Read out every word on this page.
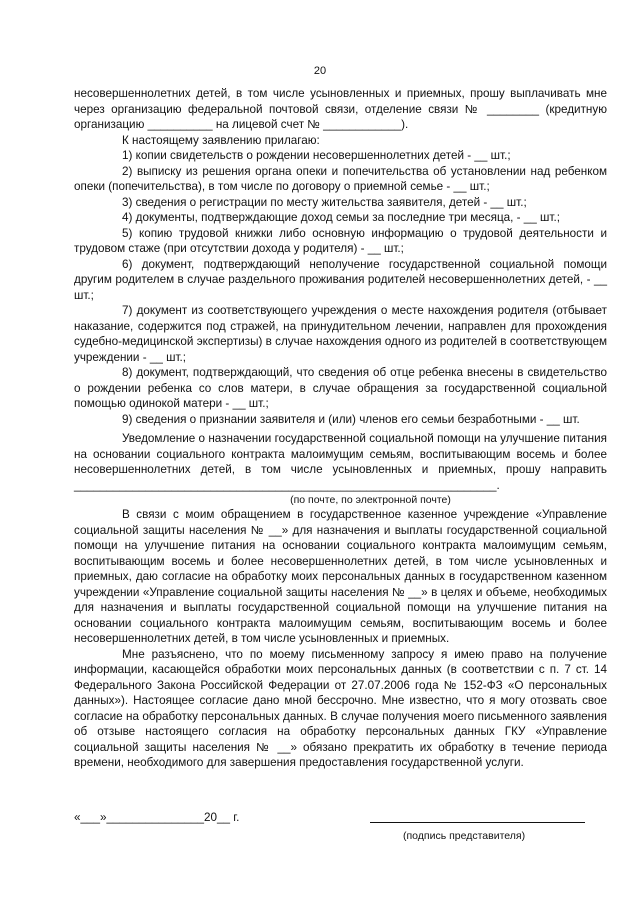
20

несовершеннолетних детей, в том числе усыновленных и приемных, прошу выплачивать мне через организацию федеральной почтовой связи, отделение связи № ________ (кредитную организацию __________ на лицевой счет № ____________).

К настоящему заявлению прилагаю:

1) копии свидетельств о рождении несовершеннолетних детей - __ шт.;

2) выписку из решения органа опеки и попечительства об установлении над ребенком опеки (попечительства), в том числе по договору о приемной семье - __ шт.;

3) сведения о регистрации по месту жительства заявителя, детей - __ шт.;

4) документы, подтверждающие доход семьи за последние три месяца, - __ шт.;

5) копию трудовой книжки либо основную информацию о трудовой деятельности и трудовом стаже (при отсутствии дохода у родителя) - __ шт.;

6) документ, подтверждающий неполучение государственной социальной помощи другим родителем в случае раздельного проживания родителей несовершеннолетних детей, - __ шт.;

7) документ из соответствующего учреждения о месте нахождения родителя (отбывает наказание, содержится под стражей, на принудительном лечении, направлен для прохождения судебно-медицинской экспертизы) в случае нахождения одного из родителей в соответствующем учреждении - __ шт.;

8) документ, подтверждающий, что сведения об отце ребенка внесены в свидетельство о рождении ребенка со слов матери, в случае обращения за государственной социальной помощью одинокой матери - __ шт.;

9) сведения о признании заявителя и (или) членов его семьи безработными - __ шт.

Уведомление о назначении государственной социальной помощи на улучшение питания на основании социального контракта малоимущим семьям, воспитывающим восемь и более несовершеннолетних детей, в том числе усыновленных и приемных, прошу направить _________________________________________________________________.

(по почте, по электронной почте)

В связи с моим обращением в государственное казенное учреждение «Управление социальной защиты населения № __» для назначения и выплаты государственной социальной помощи на улучшение питания на основании социального контракта малоимущим семьям, воспитывающим восемь и более несовершеннолетних детей, в том числе усыновленных и приемных, даю согласие на обработку моих персональных данных в государственном казенном учреждении «Управление социальной защиты населения № __» в целях и объеме, необходимых для назначения и выплаты государственной социальной помощи на улучшение питания на основании социального контракта малоимущим семьям, воспитывающим восемь и более несовершеннолетних детей, в том числе усыновленных и приемных.

Мне разъяснено, что по моему письменному запросу я имею право на получение информации, касающейся обработки моих персональных данных (в соответствии с п. 7 ст. 14 Федерального Закона Российской Федерации от 27.07.2006 года № 152-ФЗ «О персональных данных»). Настоящее согласие дано мной бессрочно. Мне известно, что я могу отозвать свое согласие на обработку персональных данных. В случае получения моего письменного заявления об отзыве настоящего согласия на обработку персональных данных ГКУ «Управление социальной защиты населения № __» обязано прекратить их обработку в течение периода времени, необходимого для завершения предоставления государственной услуги.

«___»_______________20__ г.
(подпись представителя)
